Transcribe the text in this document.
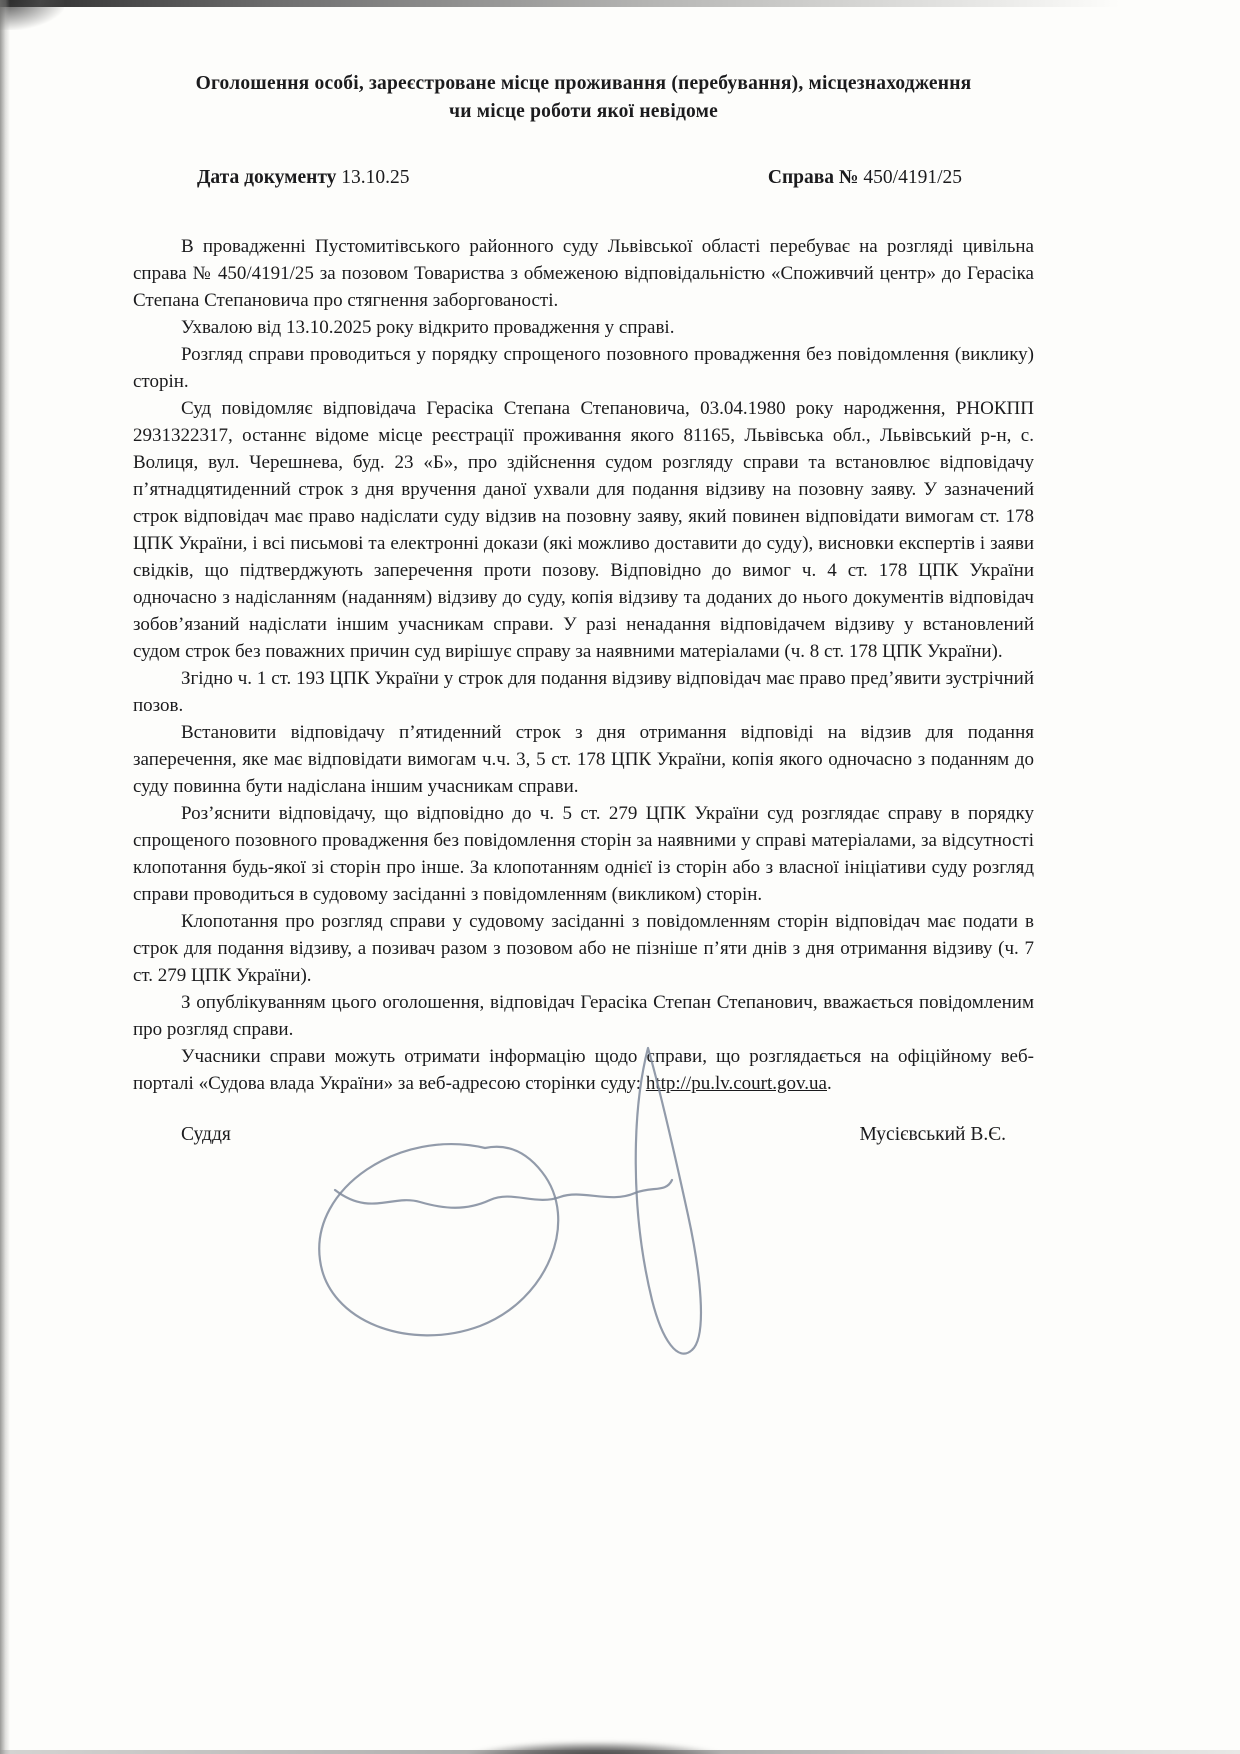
Оголошення особі, зареєстроване місце проживання (перебування), місцезнаходження
чи місце роботи якої невідоме
Дата документу 13.10.25	Справа № 450/4191/25

В провадженні Пустомитівського районного суду Львівської області перебуває на розгляді цивільна справа № 450/4191/25 за позовом Товариства з обмеженою відповідальністю «Споживчий центр» до Герасіка Степана Степановича про стягнення заборгованості.

Ухвалою від 13.10.2025 року відкрито провадження у справі.

Розгляд справи проводиться у порядку спрощеного позовного провадження без повідомлення (виклику) сторін.

Суд повідомляє відповідача Герасіка Степана Степановича, 03.04.1980 року народження, РНОКПП 2931322317, останнє відоме місце реєстрації проживання якого 81165, Львівська обл., Львівський р-н, с. Волиця, вул. Черешнева, буд. 23 «Б», про здійснення судом розгляду справи та встановлює відповідачу п’ятнадцятиденний строк з дня вручення даної ухвали для подання відзиву на позовну заяву. У зазначений строк відповідач має право надіслати суду відзив на позовну заяву, який повинен відповідати вимогам ст. 178 ЦПК України, і всі письмові та електронні докази (які можливо доставити до суду), висновки експертів і заяви свідків, що підтверджують заперечення проти позову. Відповідно до вимог ч. 4 ст. 178 ЦПК України одночасно з надісланням (наданням) відзиву до суду, копія відзиву та доданих до нього документів відповідач зобов’язаний надіслати іншим учасникам справи. У разі ненадання відповідачем відзиву у встановлений судом строк без поважних причин суд вирішує справу за наявними матеріалами (ч. 8 ст. 178 ЦПК України).

Згідно ч. 1 ст. 193 ЦПК України у строк для подання відзиву відповідач має право пред’явити зустрічний позов.

Встановити відповідачу п’ятиденний строк з дня отримання відповіді на відзив для подання заперечення, яке має відповідати вимогам ч.ч. 3, 5 ст. 178 ЦПК України, копія якого одночасно з поданням до суду повинна бути надіслана іншим учасникам справи.

Роз’яснити відповідачу, що відповідно до ч. 5 ст. 279 ЦПК України суд розглядає справу в порядку спрощеного позовного провадження без повідомлення сторін за наявними у справі матеріалами, за відсутності клопотання будь-якої зі сторін про інше. За клопотанням однієї із сторін або з власної ініціативи суду розгляд справи проводиться в судовому засіданні з повідомленням (викликом) сторін.

Клопотання про розгляд справи у судовому засіданні з повідомленням сторін відповідач має подати в строк для подання відзиву, а позивач разом з позовом або не пізніше п’яти днів з дня отримання відзиву (ч. 7 ст. 279 ЦПК України).

З опублікуванням цього оголошення, відповідач Герасіка Степан Степанович, вважається повідомленим про розгляд справи.

Учасники справи можуть отримати інформацію щодо справи, що розглядається на офіційному веб-порталі «Судова влада України» за веб-адресою сторінки суду: http://pu.lv.court.gov.ua.

Суддя	Мусієвський В.Є.
